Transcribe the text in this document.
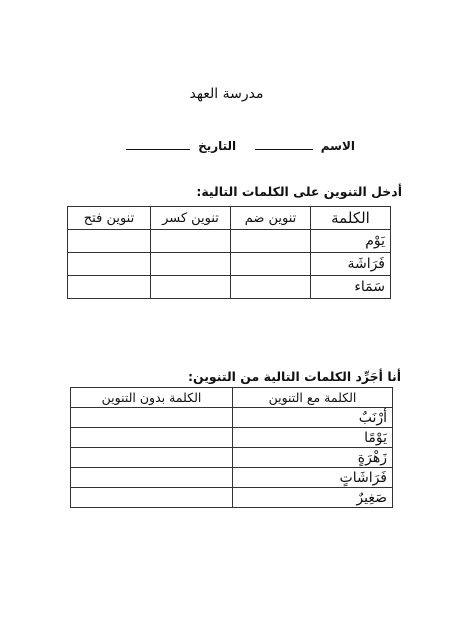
مدرسة العهد
الاسم   التاريخ
أدخل التنوين على الكلمات التالية:
الكلمة	تنوين ضم	تنوين كسر	تنوين فتح
يَوْم			
فَرَاشَة			
سَمَاء			
أنا أجَرِّد الكلمات التالية من التنوين:
الكلمة مع التنوين	الكلمة بدون التنوين
أرْنَبٌ	
يَوْمًا	
زَهْرَةٍ	
فَرَاشَاتٍ	
صَغِيرٌ	
